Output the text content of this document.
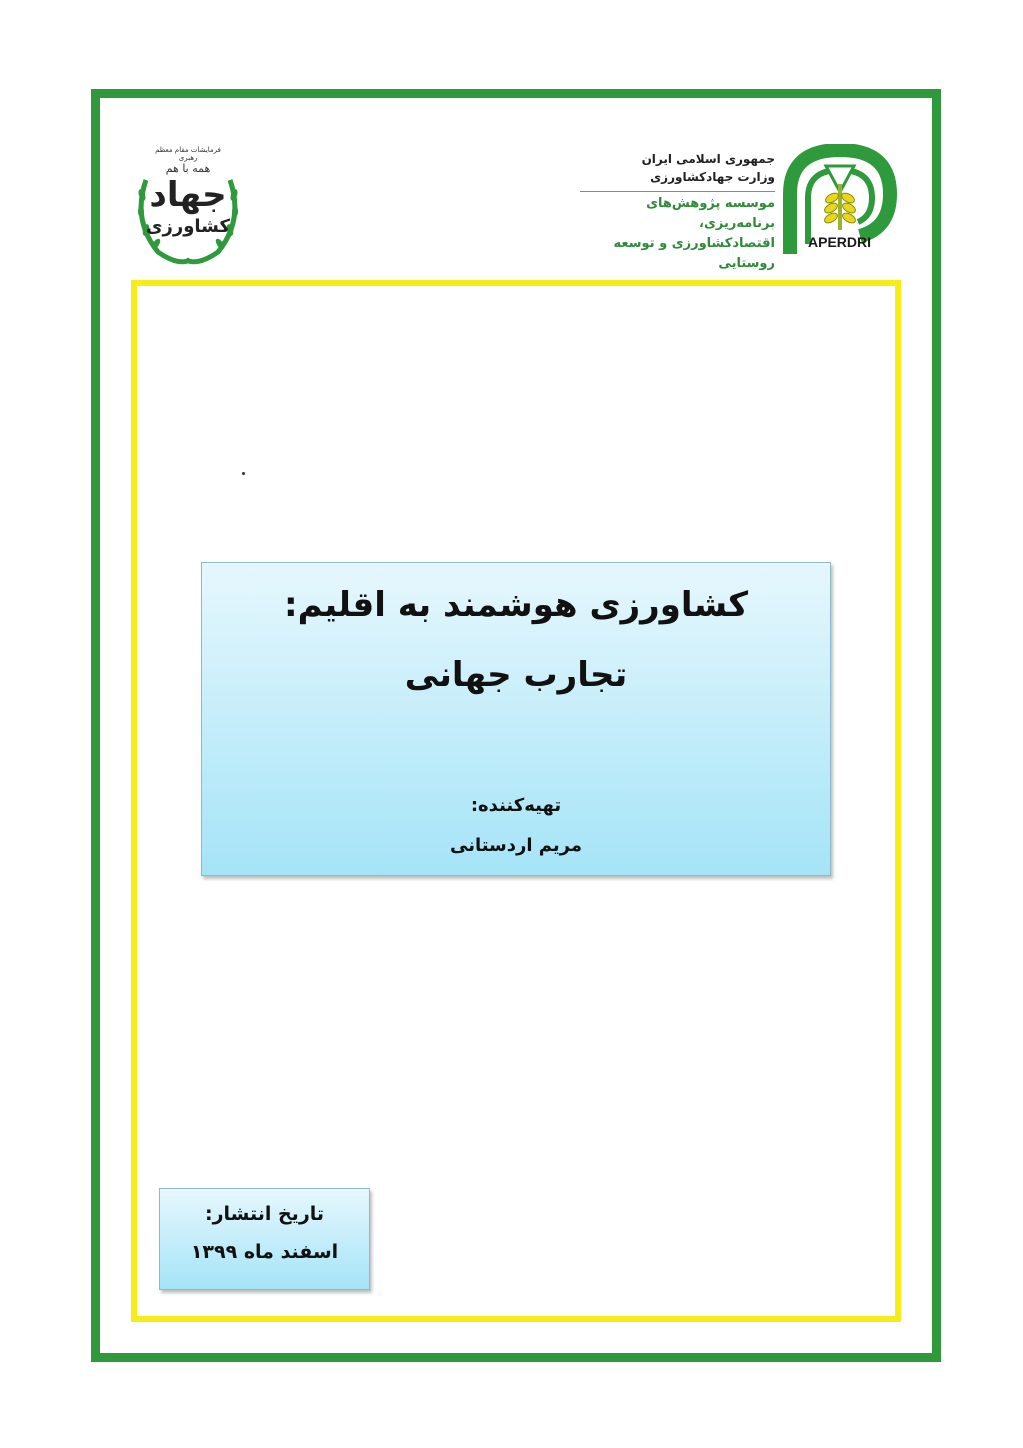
فرمایشات مقام معظم رهبری
همه با هم
جهاد
کشاورزی
جمهوری اسلامی ایران
وزارت جهادکشاورزی
موسسه پژوهش‌های برنامه‌ریزی،
اقتصادکشاورزی و توسعه روستایی
APERDRI
کشاورزی هوشمند به اقلیم:
تجارب جهانی
تهیه‌کننده:
مریم اردستانی
تاریخ انتشار:
اسفند ماه ۱۳۹۹
